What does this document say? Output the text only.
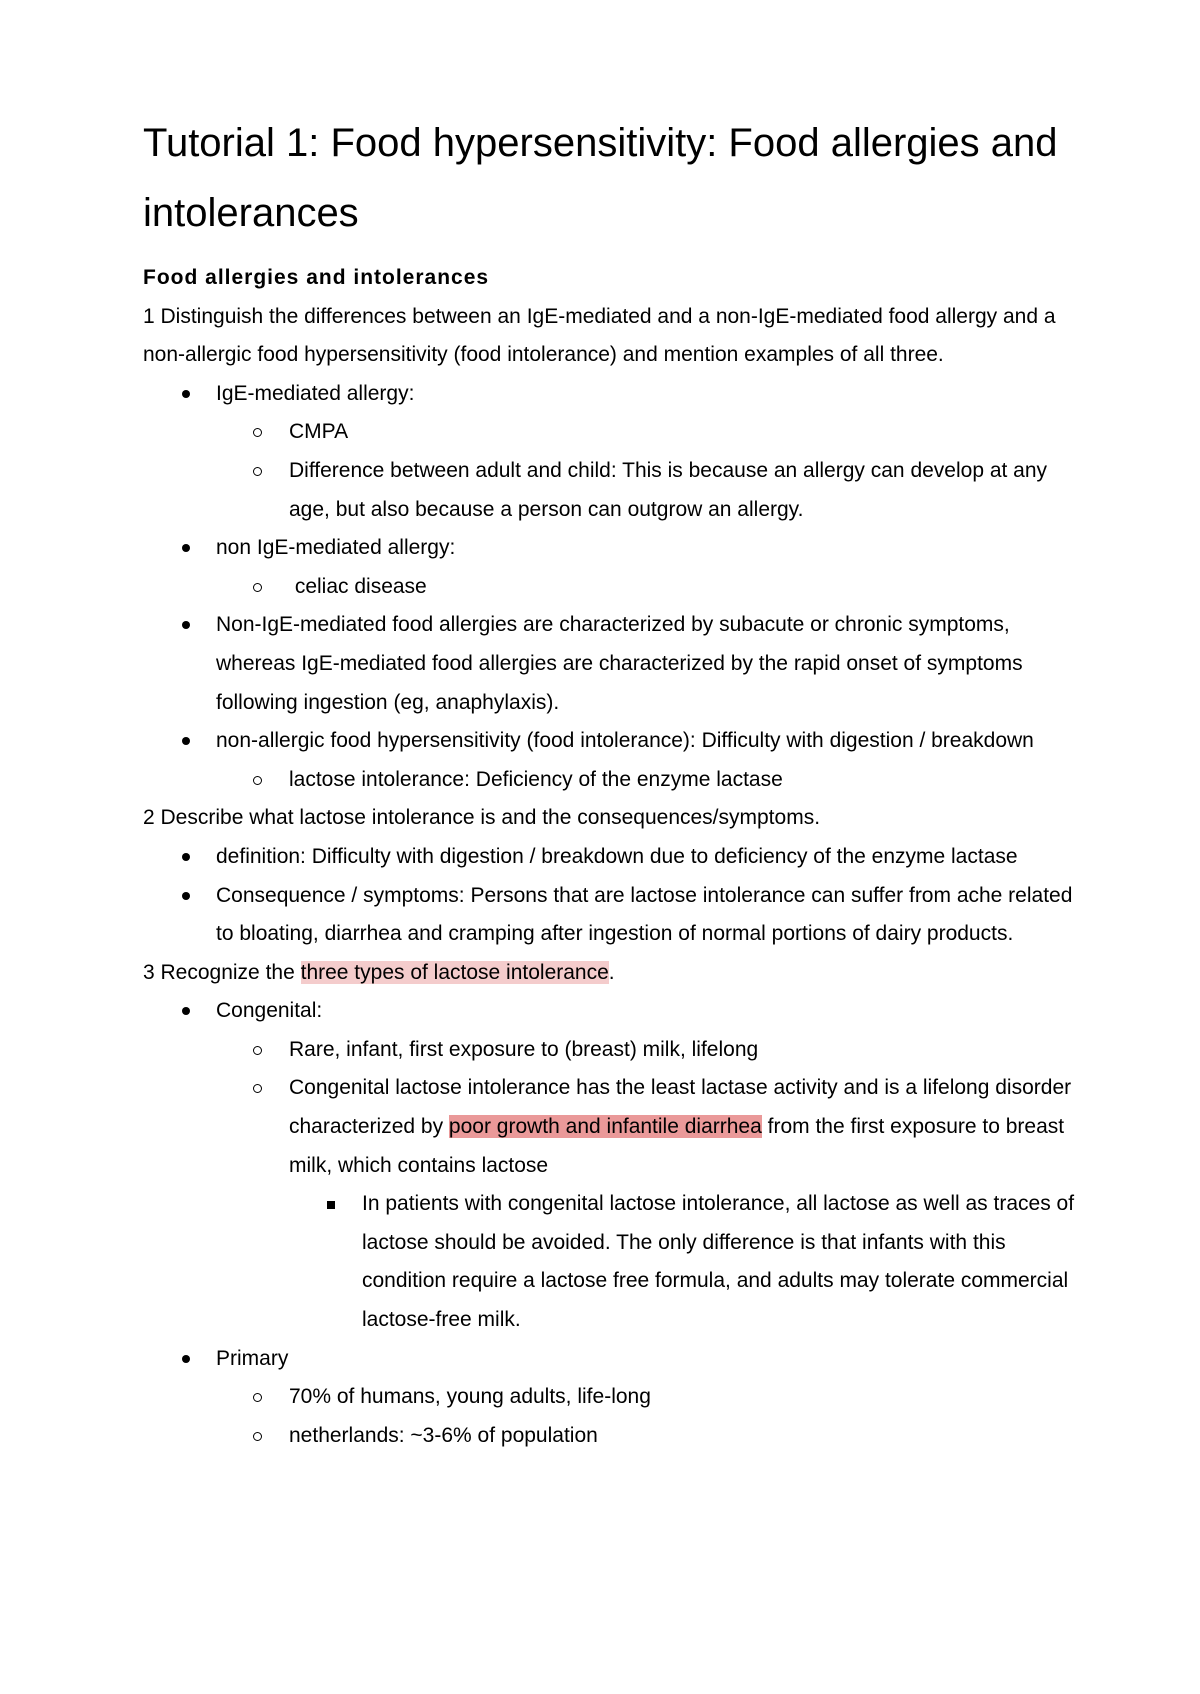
Tutorial 1: Food hypersensitivity: Food allergies and intolerances
Food allergies and intolerances

1 Distinguish the differences between an IgE-mediated and a non-IgE-mediated food allergy and a non-allergic food hypersensitivity (food intolerance) and mention examples of all three.

IgE-mediated allergy:
CMPA
Difference between adult and child: This is because an allergy can develop at any age, but also because a person can outgrow an allergy.
non IgE-mediated allergy:
celiac disease
Non-IgE-mediated food allergies are characterized by subacute or chronic symptoms, whereas IgE-mediated food allergies are characterized by the rapid onset of symptoms following ingestion (eg, anaphylaxis).
non-allergic food hypersensitivity (food intolerance): Difficulty with digestion / breakdown
lactose intolerance: Deficiency of the enzyme lactase

2 Describe what lactose intolerance is and the consequences/symptoms.

definition: Difficulty with digestion / breakdown due to deficiency of the enzyme lactase
Consequence / symptoms: Persons that are lactose intolerance can suffer from ache related to bloating, diarrhea and cramping after ingestion of normal portions of dairy products.

3 Recognize the three types of lactose intolerance.

Congenital:
Rare, infant, first exposure to (breast) milk, lifelong
Congenital lactose intolerance has the least lactase activity and is a lifelong disorder characterized by poor growth and infantile diarrhea from the first exposure to breast milk, which contains lactose
In patients with congenital lactose intolerance, all lactose as well as traces of lactose should be avoided. The only difference is that infants with this condition require a lactose free formula, and adults may tolerate commercial lactose-free milk.
Primary
70% of humans, young adults, life-long
netherlands: ~3-6% of population
